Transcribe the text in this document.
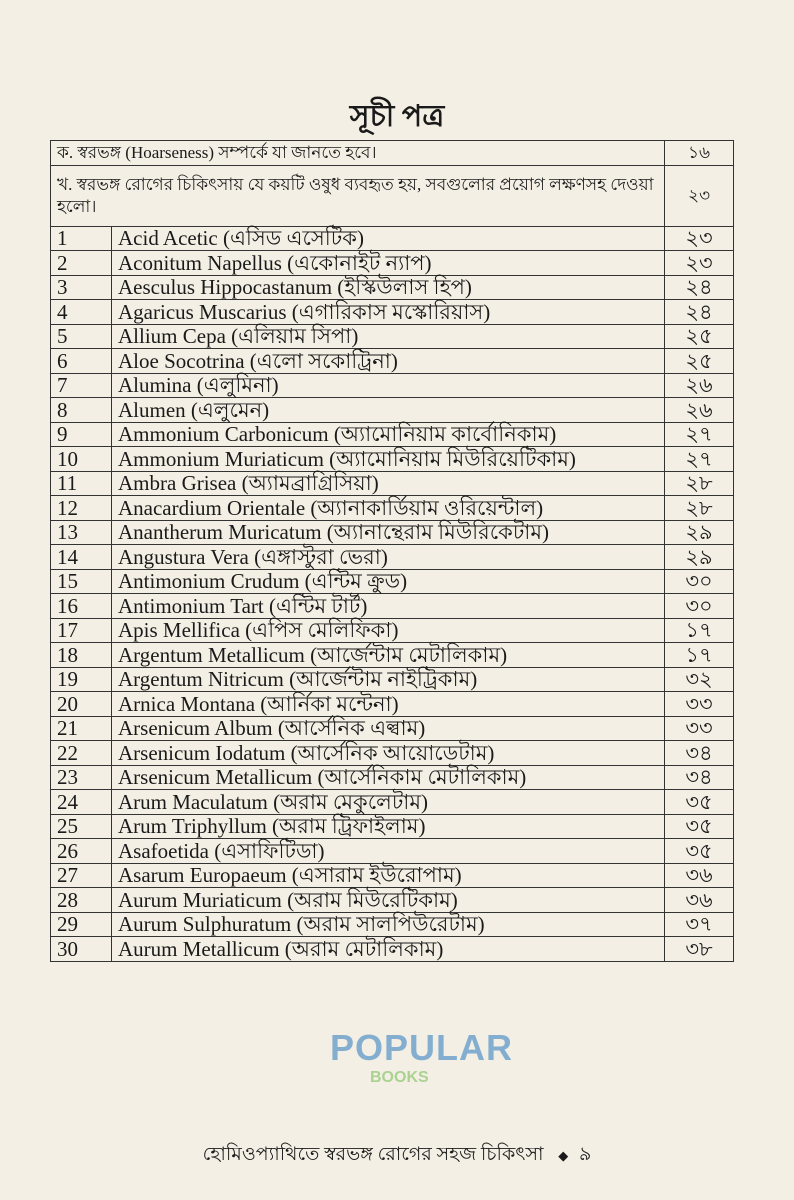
সূচী পত্র
ক. স্বরভঙ্গ (Hoarseness) সম্পর্কে যা জানতে হবে।		১৬
খ. স্বরভঙ্গ রোগের চিকিৎসায় যে কয়টি ওষুধ ব্যবহৃত হয়, সবগুলোর প্রয়োগ লক্ষণসহ দেওয়া হলো।		২৩
1	Acid Acetic (এসিড এসেটিক)	২৩
2	Aconitum Napellus (একোনাইট ন্যাপ)	২৩
3	Aesculus Hippocastanum (ইস্কিউলাস হিপ)	২৪
4	Agaricus Muscarius (এগারিকাস মস্কোরিয়াস)	২৪
5	Allium Cepa (এলিয়াম সিপা)	২৫
6	Aloe Socotrina (এলো সকোট্রিনা)	২৫
7	Alumina (এলুমিনা)	২৬
8	Alumen (এলুমেন)	২৬
9	Ammonium Carbonicum (অ্যামোনিয়াম কার্বোনিকাম)	২৭
10	Ammonium Muriaticum (অ্যামোনিয়াম মিউরিয়েটিকাম)	২৭
11	Ambra Grisea (অ্যামব্রাগ্রিসিয়া)	২৮
12	Anacardium Orientale (অ্যানাকার্ডিয়াম ওরিয়েন্টাল)	২৮
13	Anantherum Muricatum (অ্যানান্থেরাম মিউরিকেটাম)	২৯
14	Angustura Vera (এঙ্গাস্টুরা ভেরা)	২৯
15	Antimonium Crudum (এন্টিম ক্রুড)	৩০
16	Antimonium Tart (এন্টিম টার্ট)	৩০
17	Apis Mellifica (এপিস মেলিফিকা)	১৭
18	Argentum Metallicum (আর্জেন্টাম মেটালিকাম)	১৭
19	Argentum Nitricum (আর্জেন্টাম নাইট্রিকাম)	৩২
20	Arnica Montana (আর্নিকা মন্টেনা)	৩৩
21	Arsenicum Album (আর্সেনিক এল্বাম)	৩৩
22	Arsenicum Iodatum (আর্সেনিক আয়োডেটাম)	৩৪
23	Arsenicum Metallicum (আর্সেনিকাম মেটালিকাম)	৩৪
24	Arum Maculatum (অরাম মেকুলেটাম)	৩৫
25	Arum Triphyllum (অরাম ট্রিফাইলাম)	৩৫
26	Asafoetida (এসাফিটিডা)	৩৫
27	Asarum Europaeum (এসারাম ইউরোপাম)	৩৬
28	Aurum Muriaticum (অরাম মিউরেটিকাম)	৩৬
29	Aurum Sulphuratum (অরাম সালপিউরেটাম)	৩৭
30	Aurum Metallicum (অরাম মেটালিকাম)	৩৮
POPULAR
BOOKS
হোমিওপ্যাথিতে স্বরভঙ্গ রোগের সহজ চিকিৎসা ◆ ৯
